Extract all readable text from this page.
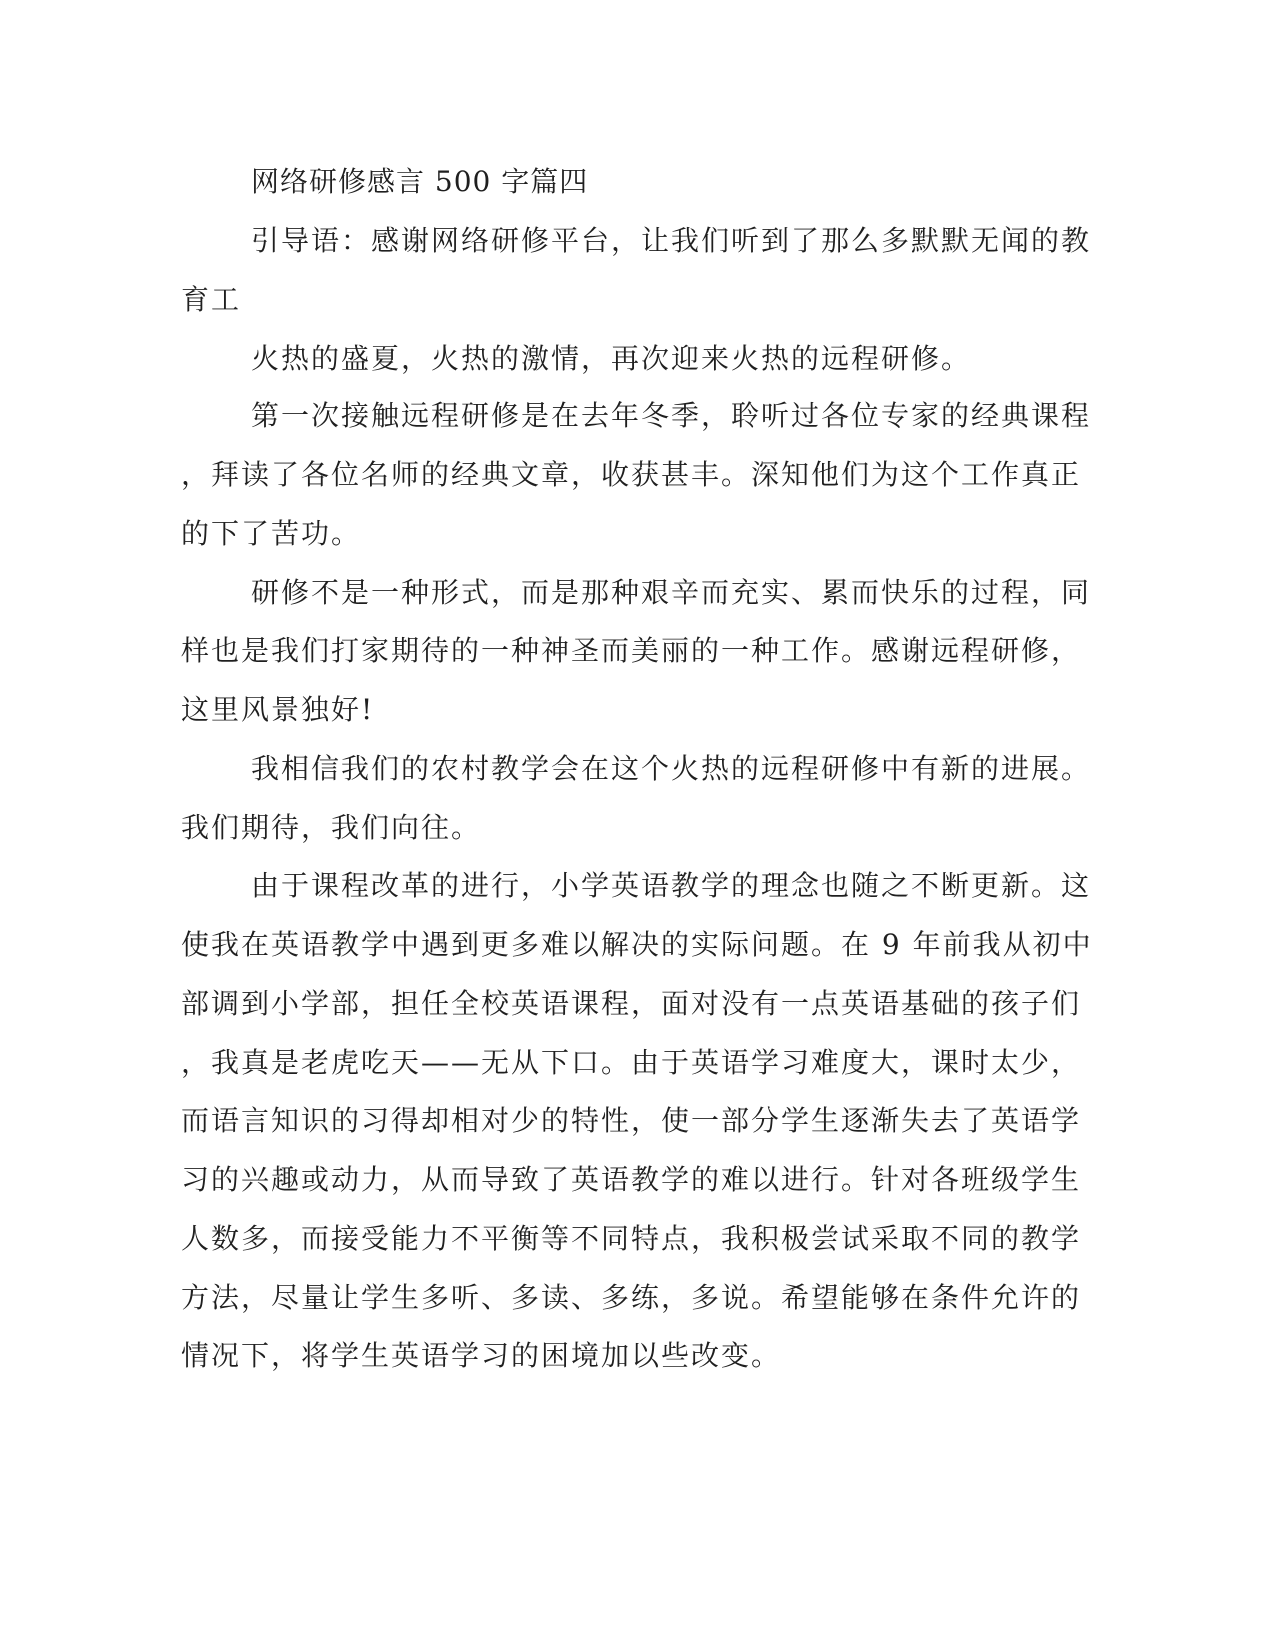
网络研修感言 500 字篇四
引导语：感谢网络研修平台，让我们听到了那么多默默无闻的教
育工
火热的盛夏，火热的激情，再次迎来火热的远程研修。
第一次接触远程研修是在去年冬季，聆听过各位专家的经典课程
，拜读了各位名师的经典文章，收获甚丰。深知他们为这个工作真正
的下了苦功。
研修不是一种形式，而是那种艰辛而充实、累而快乐的过程，同
样也是我们打家期待的一种神圣而美丽的一种工作。感谢远程研修，
这里风景独好!
我相信我们的农村教学会在这个火热的远程研修中有新的进展。
我们期待，我们向往。
由于课程改革的进行，小学英语教学的理念也随之不断更新。这
使我在英语教学中遇到更多难以解决的实际问题。在 9 年前我从初中
部调到小学部，担任全校英语课程，面对没有一点英语基础的孩子们
，我真是老虎吃天——无从下口。由于英语学习难度大，课时太少，
而语言知识的习得却相对少的特性，使一部分学生逐渐失去了英语学
习的兴趣或动力，从而导致了英语教学的难以进行。针对各班级学生
人数多，而接受能力不平衡等不同特点，我积极尝试采取不同的教学
方法，尽量让学生多听、多读、多练，多说。希望能够在条件允许的
情况下，将学生英语学习的困境加以些改变。
